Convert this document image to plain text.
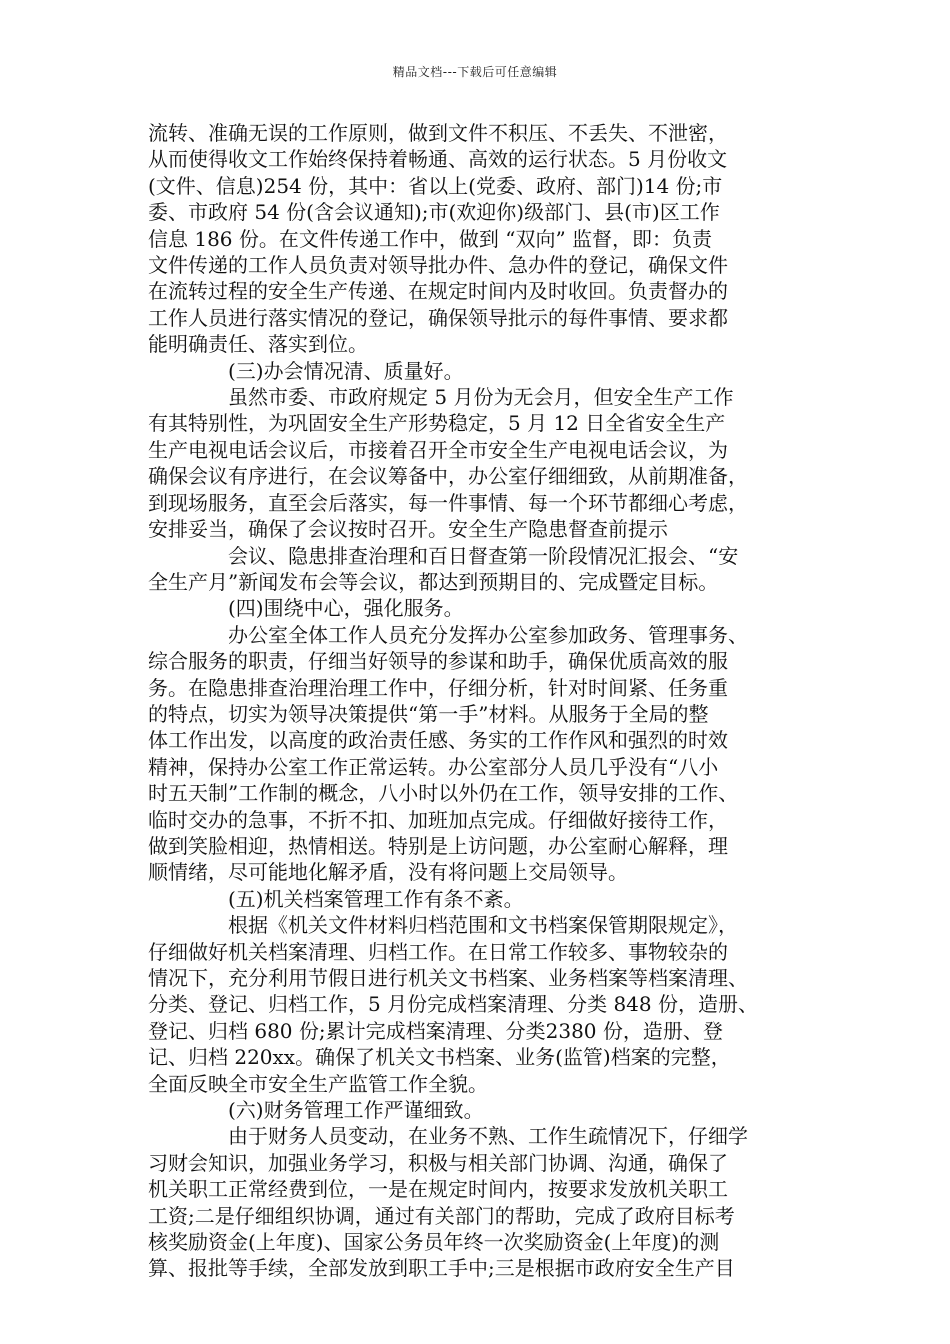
精品文档---下载后可任意编辑
流转、准确无误的工作原则，做到文件不积压、不丢失、不泄密，
从而使得收文工作始终保持着畅通、高效的运行状态。5 月份收文
(文件、信息)254 份，其中：省以上(党委、政府、部门)14 份;市
委、市政府 54 份(含会议通知);市(欢迎你)级部门、县(市)区工作
信息 186 份。在文件传递工作中，做到 “双向” 监督，即：负责
文件传递的工作人员负责对领导批办件、急办件的登记，确保文件
在流转过程的安全生产传递、在规定时间内及时收回。负责督办的
工作人员进行落实情况的登记，确保领导批示的每件事情、要求都
能明确责任、落实到位。
(三)办会情况清、质量好。
虽然市委、市政府规定 5 月份为无会月，但安全生产工作
有其特别性，为巩固安全生产形势稳定，5 月 12 日全省安全生产
生产电视电话会议后，市接着召开全市安全生产电视电话会议，为
确保会议有序进行，在会议筹备中，办公室仔细细致，从前期准备，
到现场服务，直至会后落实，每一件事情、每一个环节都细心考虑，
安排妥当，确保了会议按时召开。安全生产隐患督查前提示
会议、隐患排查治理和百日督查第一阶段情况汇报会、“安
全生产月”新闻发布会等会议，都达到预期目的、完成暨定目标。
(四)围绕中心，强化服务。
办公室全体工作人员充分发挥办公室参加政务、管理事务、
综合服务的职责，仔细当好领导的参谋和助手，确保优质高效的服
务。在隐患排查治理治理工作中，仔细分析，针对时间紧、任务重
的特点，切实为领导决策提供“第一手”材料。从服务于全局的整
体工作出发，以高度的政治责任感、务实的工作作风和强烈的时效
精神，保持办公室工作正常运转。办公室部分人员几乎没有“八小
时五天制”工作制的概念，八小时以外仍在工作，领导安排的工作、
临时交办的急事，不折不扣、加班加点完成。仔细做好接待工作，
做到笑脸相迎，热情相送。特别是上访问题，办公室耐心解释，理
顺情绪，尽可能地化解矛盾，没有将问题上交局领导。
(五)机关档案管理工作有条不紊。
根据《机关文件材料归档范围和文书档案保管期限规定》，
仔细做好机关档案清理、归档工作。在日常工作较多、事物较杂的
情况下，充分利用节假日进行机关文书档案、业务档案等档案清理、
分类、登记、归档工作，5 月份完成档案清理、分类 848 份，造册、
登记、归档 680 份;累计完成档案清理、分类2380 份，造册、登
记、归档 220xx。确保了机关文书档案、业务(监管)档案的完整，
全面反映全市安全生产监管工作全貌。
(六)财务管理工作严谨细致。
由于财务人员变动，在业务不熟、工作生疏情况下，仔细学
习财会知识，加强业务学习，积极与相关部门协调、沟通，确保了
机关职工正常经费到位，一是在规定时间内，按要求发放机关职工
工资;二是仔细组织协调，通过有关部门的帮助，完成了政府目标考
核奖励资金(上年度)、国家公务员年终一次奖励资金(上年度)的测
算、报批等手续，全部发放到职工手中;三是根据市政府安全生产目
